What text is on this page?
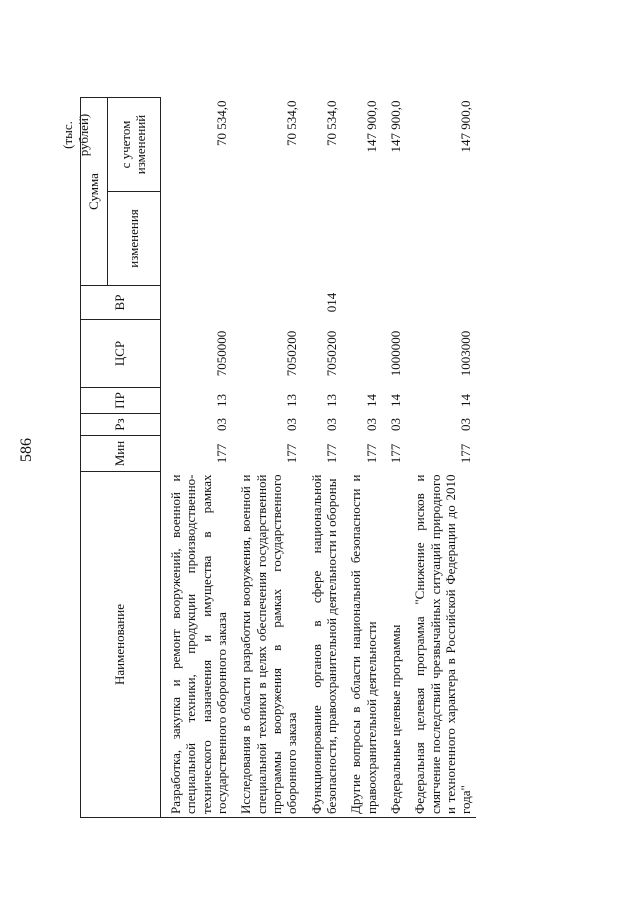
586
(тыс. рублей)
Наименование	Мин	Рз	ПР	ЦСР	ВР	Сумма	
						изменения	с учетом изменений
Разработка, закупка и ремонт вооружений, военной и специальной техники, продукции производственно-технического назначения и имущества в рамках государственного оборонного заказа	177	03	13	7050000			70 534,0
Исследования в области разработки вооружения, военной и специальной техники в целях обеспечения государственной программы вооружения в рамках государственного оборонного заказа	177	03	13	7050200			70 534,0
Функционирование органов в сфере национальной безопасности, правоохранительной деятельности и обороны	177	03	13	7050200	014		70 534,0
Другие вопросы в области национальной безопасности и правоохранительной деятельности	177	03	14				147 900,0
Федеральные целевые программы	177	03	14	1000000			147 900,0
Федеральная целевая программа "Снижение рисков и смягчение последствий чрезвычайных ситуаций природного и техногенного характера в Российской Федерации до 2010 года"	177	03	14	1003000			147 900,0
